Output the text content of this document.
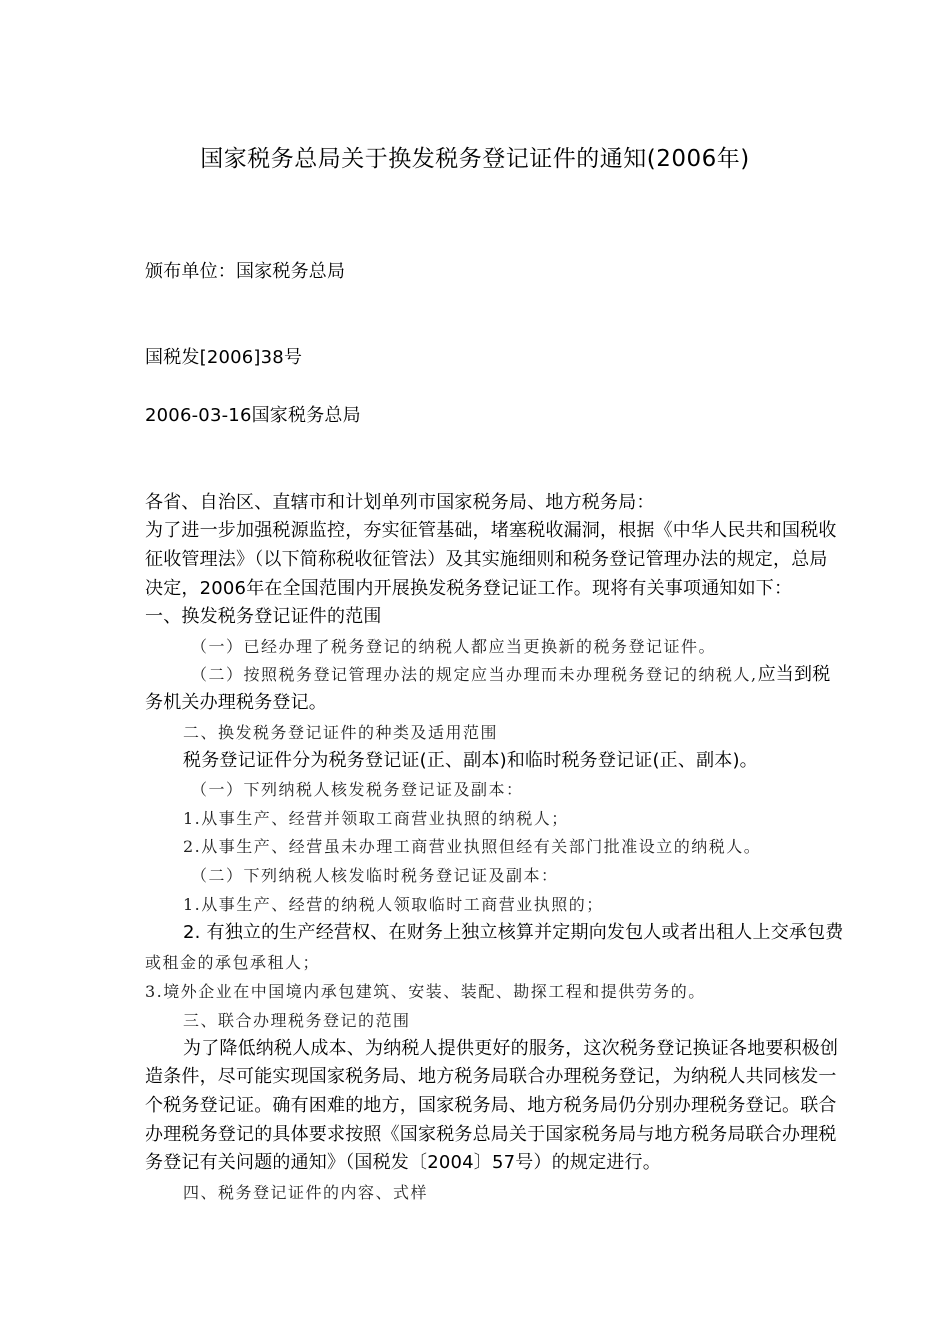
国家税务总局关于换发税务登记证件的通知(2006年)
颁布单位：国家税务总局
国税发[2006]38号
2006-03-16国家税务总局
各省、自治区、直辖市和计划单列市国家税务局、地方税务局：
为了进一步加强税源监控，夯实征管基础，堵塞税收漏洞，根据《中华人民共和国税收
征收管理法》（以下简称税收征管法）及其实施细则和税务登记管理办法的规定，总局
决定，2006年在全国范围内开展换发税务登记证工作。现将有关事项通知如下：
一、换发税务登记证件的范围
（一）已经办理了税务登记的纳税人都应当更换新的税务登记证件。
（二）按照税务登记管理办法的规定应当办理而未办理税务登记的纳税人,应当到税
务机关办理税务登记。
二、换发税务登记证件的种类及适用范围
税务登记证件分为税务登记证(正、副本)和临时税务登记证(正、副本)。
（一）下列纳税人核发税务登记证及副本：
1.从事生产、经营并领取工商营业执照的纳税人；
2.从事生产、经营虽未办理工商营业执照但经有关部门批准设立的纳税人。
（二）下列纳税人核发临时税务登记证及副本：
1.从事生产、经营的纳税人领取临时工商营业执照的；
2. 有独立的生产经营权、在财务上独立核算并定期向发包人或者出租人上交承包费
或租金的承包承租人；
3.境外企业在中国境内承包建筑、安装、装配、勘探工程和提供劳务的。
三、联合办理税务登记的范围
为了降低纳税人成本、为纳税人提供更好的服务，这次税务登记换证各地要积极创
造条件，尽可能实现国家税务局、地方税务局联合办理税务登记，为纳税人共同核发一
个税务登记证。确有困难的地方，国家税务局、地方税务局仍分别办理税务登记。联合
办理税务登记的具体要求按照《国家税务总局关于国家税务局与地方税务局联合办理税
务登记有关问题的通知》（国税发〔2004〕57号）的规定进行。
四、税务登记证件的内容、式样
